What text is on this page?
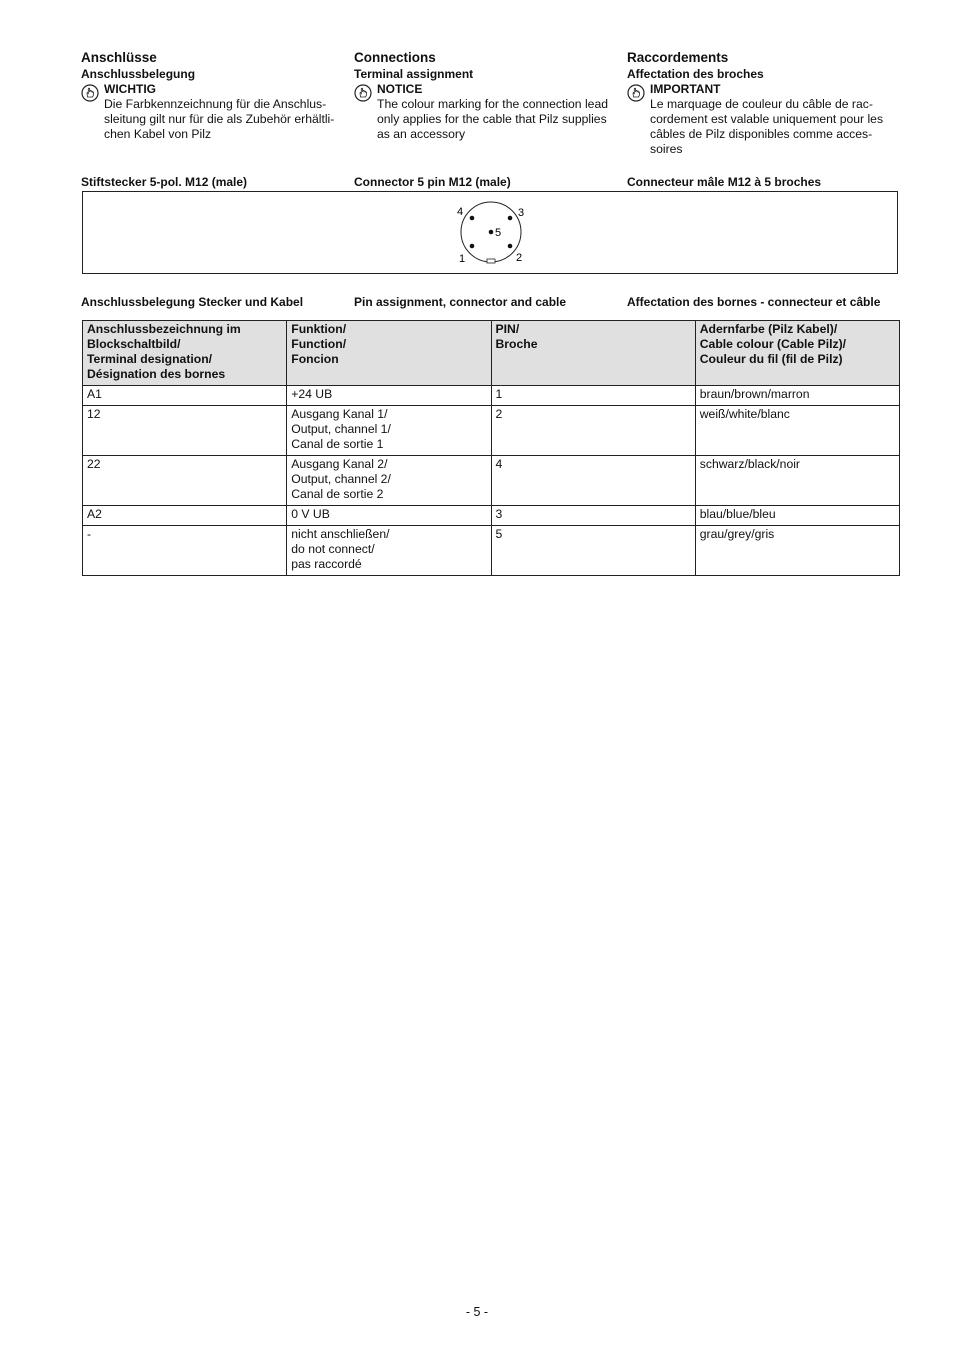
Anschlüsse
Anschlussbelegung
WICHTIG
Die Farbkennzeichnung für die Anschlus-sleitung gilt nur für die als Zubehör erhältli-chen Kabel von Pilz
Connections
Terminal assignment
NOTICE
The colour marking for the connection lead only applies for the cable that Pilz supplies as an accessory
Raccordements
Affectation des broches
IMPORTANT
Le marquage de couleur du câble de rac-cordement est valable uniquement pour les câbles de Pilz disponibles comme acces-soires
Stiftstecker 5-pol. M12 (male)	Connector 5 pin M12 (male)	Connecteur mâle M12 à 5 broches
1	2
3
4
5
Anschlussbelegung Stecker und Kabel	Pin assignment, connector and cable	Affectation des bornes - connecteur et câble
Anschlussbezeichnung im
Blockschaltbild/
Terminal designation/
Désignation des bornes	Funktion/
Function/
Foncion	PIN/
Broche	Adernfarbe (Pilz Kabel)/
Cable colour (Cable Pilz)/
Couleur du fil (fil de Pilz)
A1	+24 UB	1	braun/brown/marron
12	Ausgang Kanal 1/
Output, channel 1/
Canal de sortie 1	2	weiß/white/blanc
22	Ausgang Kanal 2/
Output, channel 2/
Canal de sortie 2	4	schwarz/black/noir
A2	0 V UB	3	blau/blue/bleu
-	nicht anschließen/
do not connect/
pas raccordé	5	grau/grey/gris
- 5 -
